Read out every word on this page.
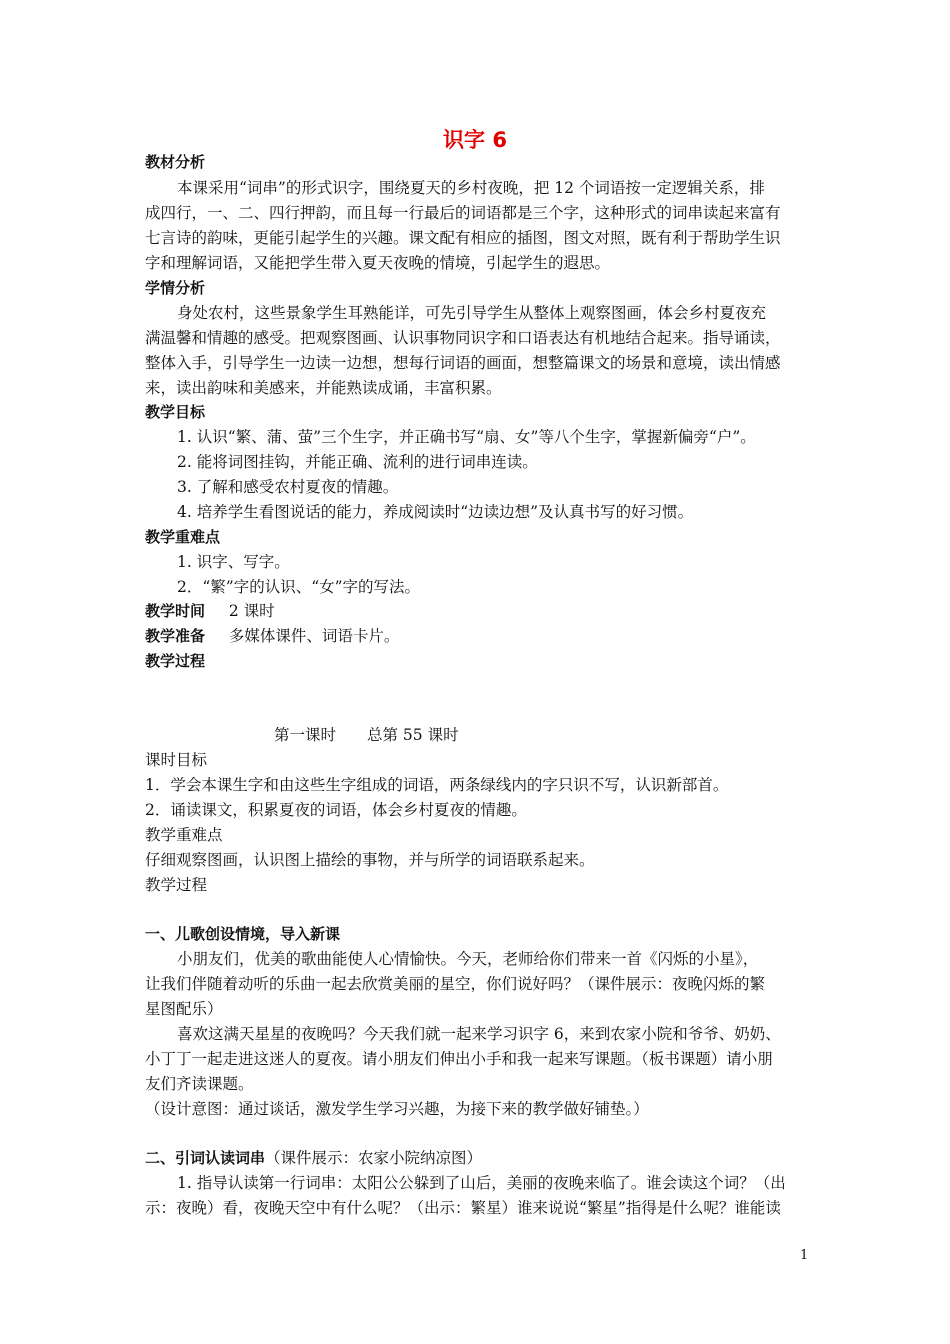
识字 6
教材分析
本课采用“词串”的形式识字，围绕夏天的乡村夜晚，把 12 个词语按一定逻辑关系，排
成四行，一、二、四行押韵，而且每一行最后的词语都是三个字，这种形式的词串读起来富有
七言诗的韵味，更能引起学生的兴趣。课文配有相应的插图，图文对照，既有利于帮助学生识
字和理解词语，又能把学生带入夏天夜晚的情境，引起学生的遐思。
学情分析
身处农村，这些景象学生耳熟能详，可先引导学生从整体上观察图画，体会乡村夏夜充
满温馨和情趣的感受。把观察图画、认识事物同识字和口语表达有机地结合起来。指导诵读，
整体入手，引导学生一边读一边想，想每行词语的画面，想整篇课文的场景和意境，读出情感
来，读出韵味和美感来，并能熟读成诵，丰富积累。
教学目标
1. 认识“繁、蒲、萤”三个生字，并正确书写“扇、女”等八个生字，掌握新偏旁“户”。
2. 能将词图挂钩，并能正确、流利的进行词串连读。
3. 了解和感受农村夏夜的情趣。
4. 培养学生看图说话的能力，养成阅读时“边读边想”及认真书写的好习惯。
教学重难点
1. 识字、写字。
2．“繁”字的认识、“女”字的写法。
教学时间 2 课时
教学准备 多媒体课件、词语卡片。
教学过程
第一课时　　总第 55 课时
课时目标
1．学会本课生字和由这些生字组成的词语，两条绿线内的字只识不写，认识新部首。
2．诵读课文，积累夏夜的词语，体会乡村夏夜的情趣。
教学重难点
仔细观察图画，认识图上描绘的事物，并与所学的词语联系起来。
教学过程
一、儿歌创设情境，导入新课
小朋友们，优美的歌曲能使人心情愉快。今天，老师给你们带来一首《闪烁的小星》，
让我们伴随着动听的乐曲一起去欣赏美丽的星空，你们说好吗？（课件展示：夜晚闪烁的繁
星图配乐）
喜欢这满天星星的夜晚吗？今天我们就一起来学习识字 6，来到农家小院和爷爷、奶奶、
小丁丁一起走进这迷人的夏夜。请小朋友们伸出小手和我一起来写课题。（板书课题）请小朋
友们齐读课题。
（设计意图：通过谈话，激发学生学习兴趣，为接下来的教学做好铺垫。）
二、引词认读词串（课件展示：农家小院纳凉图）
1. 指导认读第一行词串：太阳公公躲到了山后，美丽的夜晚来临了。谁会读这个词？（出
示：夜晚）看，夜晚天空中有什么呢？（出示：繁星）谁来说说“繁星”指得是什么呢？谁能读
1
